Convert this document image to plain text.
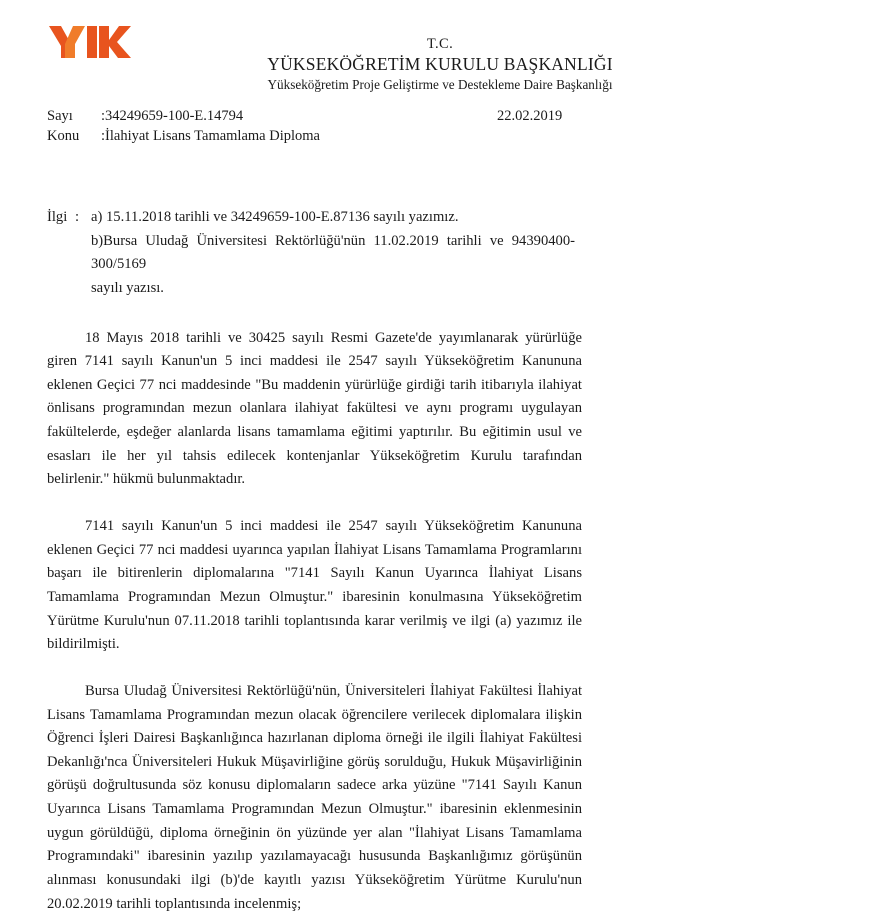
T.C.
YÜKSEKÖĞRETİM KURULU BAŞKANLIĞI
Yükseköğretim Proje Geliştirme ve Destekleme Daire Başkanlığı
Sayı :34249659-100-E.14794	22.02.2019
Konu :İlahiyat Lisans Tamamlama Diploma
İlgi : a) 15.11.2018 tarihli ve 34249659-100-E.87136 sayılı yazımız.
b)Bursa Uludağ Üniversitesi Rektörlüğü'nün 11.02.2019 tarihli ve 94390400-300/5169
sayılı yazısı.

18 Mayıs 2018 tarihli ve 30425 sayılı Resmi Gazete'de yayımlanarak yürürlüğe giren 7141 sayılı Kanun'un 5 inci maddesi ile 2547 sayılı Yükseköğretim Kanununa eklenen Geçici 77 nci maddesinde "Bu maddenin yürürlüğe girdiği tarih itibarıyla ilahiyat önlisans programından mezun olanlara ilahiyat fakültesi ve aynı programı uygulayan fakültelerde, eşdeğer alanlarda lisans tamamlama eğitimi yaptırılır. Bu eğitimin usul ve esasları ile her yıl tahsis edilecek kontenjanlar Yükseköğretim Kurulu tarafından belirlenir." hükmü bulunmaktadır.

7141 sayılı Kanun'un 5 inci maddesi ile 2547 sayılı Yükseköğretim Kanununa eklenen Geçici 77 nci maddesi uyarınca yapılan İlahiyat Lisans Tamamlama Programlarını başarı ile bitirenlerin diplomalarına "7141 Sayılı Kanun Uyarınca İlahiyat Lisans Tamamlama Programından Mezun Olmuştur." ibaresinin konulmasına Yükseköğretim Yürütme Kurulu'nun 07.11.2018 tarihli toplantısında karar verilmiş ve ilgi (a) yazımız ile bildirilmişti.

Bursa Uludağ Üniversitesi Rektörlüğü'nün, Üniversiteleri İlahiyat Fakültesi İlahiyat Lisans Tamamlama Programından mezun olacak öğrencilere verilecek diplomalara ilişkin Öğrenci İşleri Dairesi Başkanlığınca hazırlanan diploma örneği ile ilgili İlahiyat Fakültesi Dekanlığı'nca Üniversiteleri Hukuk Müşavirliğine görüş sorulduğu, Hukuk Müşavirliğinin görüşü doğrultusunda söz konusu diplomaların sadece arka yüzüne "7141 Sayılı Kanun Uyarınca Lisans Tamamlama Programından Mezun Olmuştur." ibaresinin eklenmesinin uygun görüldüğü, diploma örneğinin ön yüzünde yer alan "İlahiyat Lisans Tamamlama Programındaki" ibaresinin yazılıp yazılamayacağı hususunda Başkanlığımız görüşünün alınması konusundaki ilgi (b)'de kayıtlı yazısı Yükseköğretim Yürütme Kurulu'nun 20.02.2019 tarihli toplantısında incelenmiş;
